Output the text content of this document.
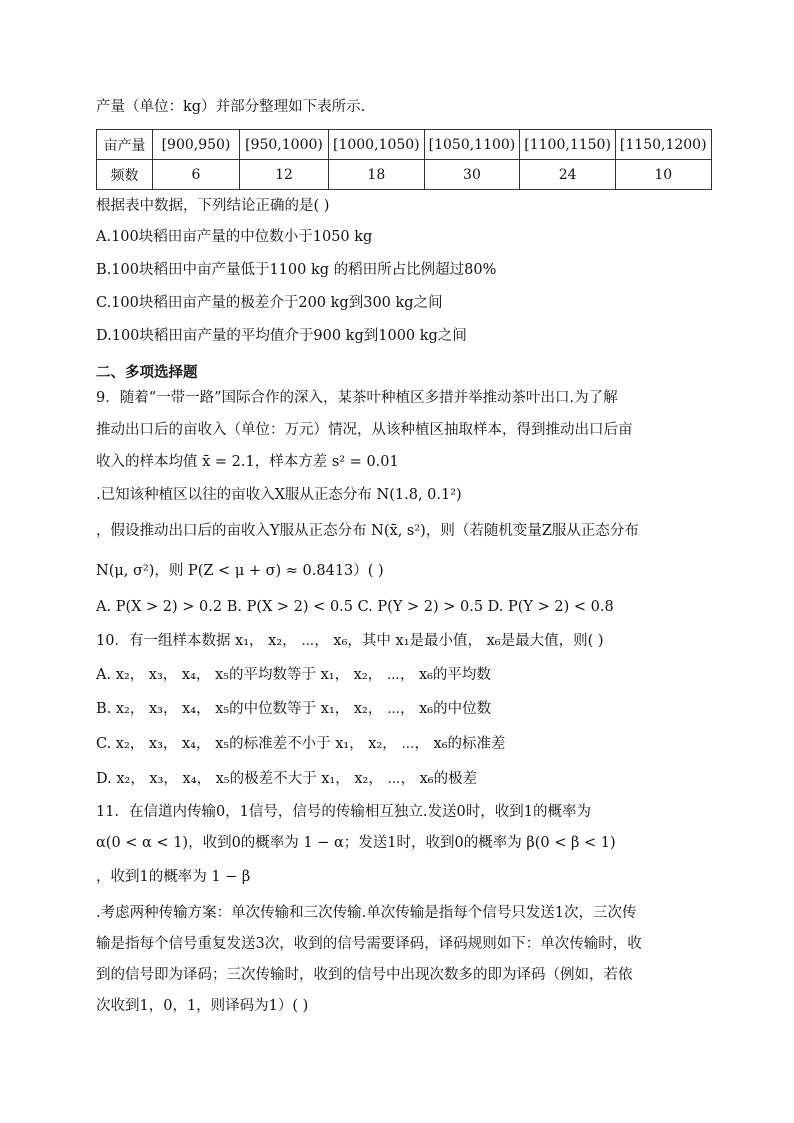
产量（单位：kg）并部分整理如下表所示.
亩产量	[900,950)	[950,1000)	[1000,1050)	[1050,1100)	[1100,1150)	[1150,1200)
频数	6	12	18	30	24	10
根据表中数据，下列结论正确的是( )
A.100块稻田亩产量的中位数小于1050 kg
B.100块稻田中亩产量低于1100 kg 的稻田所占比例超过80%
C.100块稻田亩产量的极差介于200 kg到300 kg之间
D.100块稻田亩产量的平均值介于900 kg到1000 kg之间
二、多项选择题
9．随着“一带一路”国际合作的深入，某茶叶种植区多措并举推动茶叶出口.为了解
推动出口后的亩收入（单位：万元）情况，从该种植区抽取样本，得到推动出口后亩
收入的样本均值 x̄ = 2.1，样本方差 s² = 0.01
.已知该种植区以往的亩收入X服从正态分布 N(1.8, 0.1²)
，假设推动出口后的亩收入Y服从正态分布 N(x̄, s²)，则（若随机变量Z服从正态分布
N(μ, σ²)，则 P(Z < μ + σ) ≈ 0.8413）( )
A. P(X > 2) > 0.2 B. P(X > 2) < 0.5 C. P(Y > 2) > 0.5 D. P(Y > 2) < 0.8
10．有一组样本数据 x₁， x₂， ⋯， x₆，其中 x₁是最小值， x₆是最大值，则( )
A. x₂， x₃， x₄， x₅的平均数等于 x₁， x₂， ⋯， x₆的平均数
B. x₂， x₃， x₄， x₅的中位数等于 x₁， x₂， ⋯， x₆的中位数
C. x₂， x₃， x₄， x₅的标准差不小于 x₁， x₂， ⋯， x₆的标准差
D. x₂， x₃， x₄， x₅的极差不大于 x₁， x₂， ⋯， x₆的极差
11．在信道内传输0，1信号，信号的传输相互独立.发送0时，收到1的概率为
α(0 < α < 1)，收到0的概率为 1 − α；发送1时，收到0的概率为 β(0 < β < 1)
，收到1的概率为 1 − β
.考虑两种传输方案：单次传输和三次传输.单次传输是指每个信号只发送1次，三次传
输是指每个信号重复发送3次，收到的信号需要译码，译码规则如下：单次传输时，收
到的信号即为译码；三次传输时，收到的信号中出现次数多的即为译码（例如，若依
次收到1，0，1，则译码为1）( )
